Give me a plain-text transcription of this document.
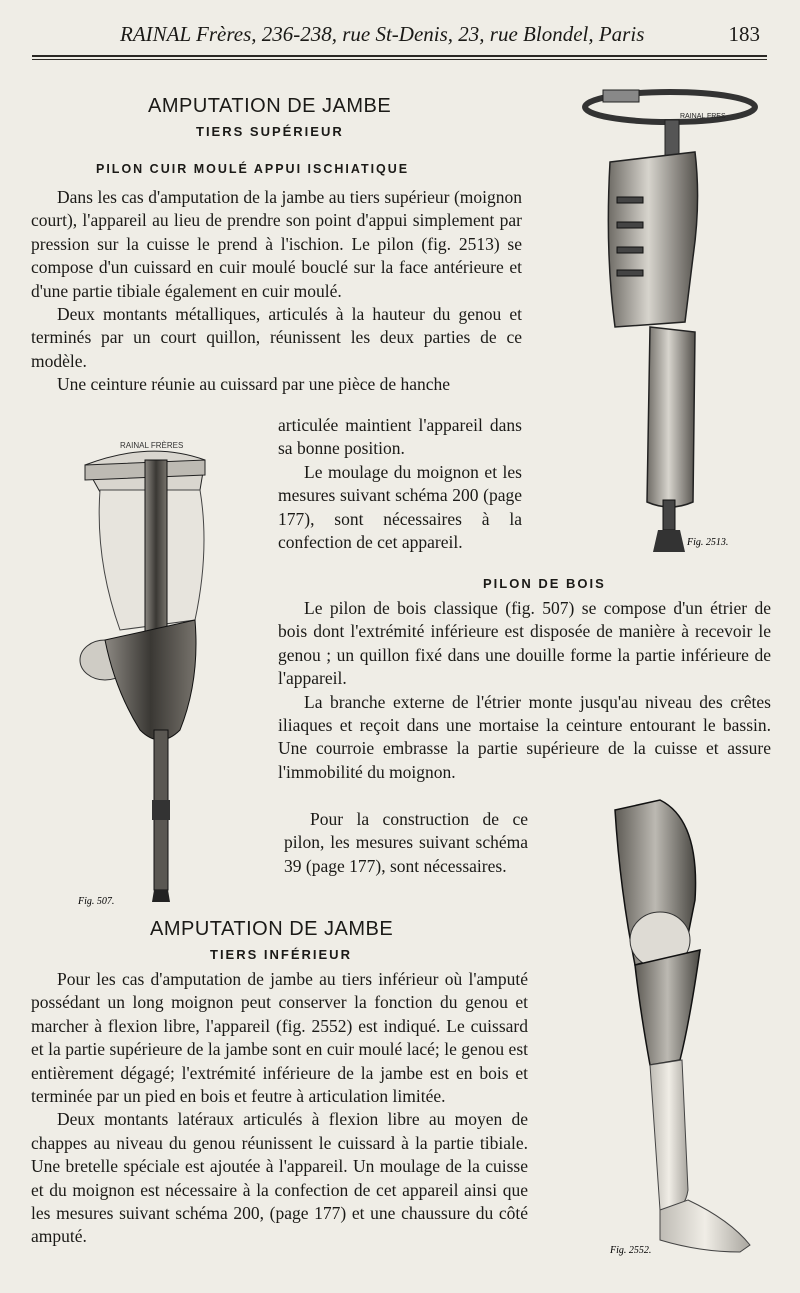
RAINAL Frères, 236-238, rue St-Denis, 23, rue Blondel, Paris	183
AMPUTATION DE JAMBE
TIERS SUPÉRIEUR
PILON CUIR MOULÉ APPUI ISCHIATIQUE

Dans les cas d'amputation de la jambe au tiers supérieur (moignon court), l'appareil au lieu de prendre son point d'appui simplement par pression sur la cuisse le prend à l'ischion. Le pilon (fig. 2513) se compose d'un cuissard en cuir moulé bouclé sur la face antérieure et d'une partie tibiale également en cuir moulé.

Deux montants métalliques, articulés à la hauteur du genou et terminés par un court quillon, réunissent les deux parties de ce modèle.

Une ceinture réunie au cuissard par une pièce de hanche

articulée maintient l'appareil dans sa bonne position.

Le moulage du moignon et les mesures suivant schéma 200 (page 177), sont nécessaires à la confection de cet appareil.

PILON DE BOIS

Le pilon de bois classique (fig. 507) se compose d'un étrier de bois dont l'extrémité inférieure est disposée de manière à recevoir le genou ; un quillon fixé dans une douille forme la partie inférieure de l'appareil.

La branche externe de l'étrier monte jusqu'au niveau des crêtes iliaques et reçoit dans une mortaise la ceinture entourant le bassin. Une courroie embrasse la partie supérieure de la cuisse et assure l'immobilité du moignon.

Pour la construction de ce pilon, les mesures suivant schéma 39 (page 177), sont nécessaires.

AMPUTATION DE JAMBE
TIERS INFÉRIEUR

Pour les cas d'amputation de jambe au tiers inférieur où l'amputé possédant un long moignon peut conserver la fonction du genou et marcher à flexion libre, l'appareil (fig. 2552) est indiqué. Le cuissard et la partie supérieure de la jambe sont en cuir moulé lacé; le genou est entièrement dégagé; l'extrémité inférieure de la jambe est en bois et terminée par un pied en bois et feutre à articulation limitée.

Deux montants latéraux articulés à flexion libre au moyen de chappes au niveau du genou réunissent le cuissard à la partie tibiale. Une bretelle spéciale est ajoutée à l'appareil. Un moulage de la cuisse et du moignon est nécessaire à la confection de cet appareil ainsi que les mesures suivant schéma 200, (page 177) et une chaussure du côté amputé.

RAINAL FRES
Fig. 2513.
RAINAL FRÈRES
Fig. 507.
Fig. 2552.
